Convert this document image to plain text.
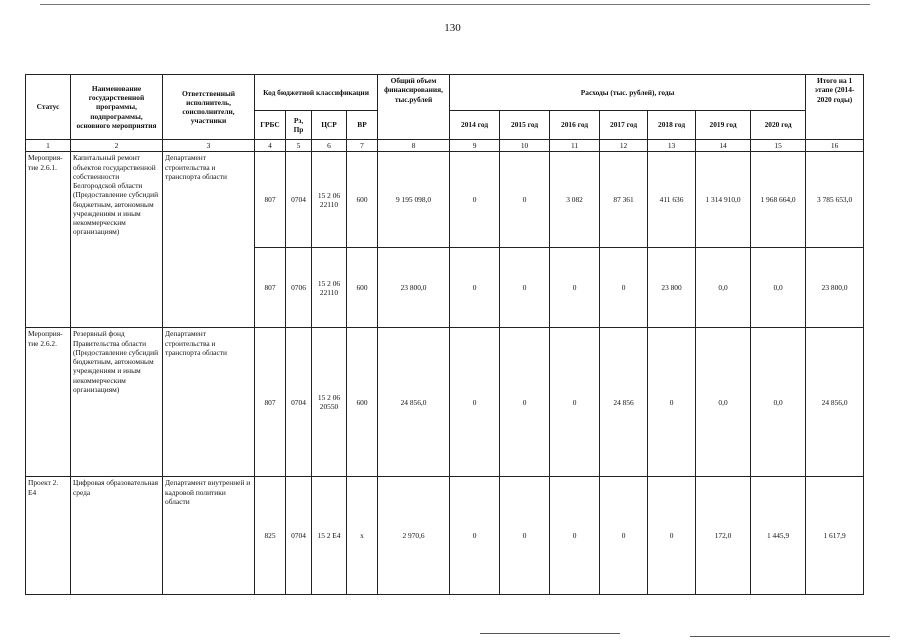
130
Статус	Наименование государственной программы, подпрограммы, основного мероприятия	Ответственный исполнитель, соисполнители, участники	Код бюджетной классификации				Общий объем финансирования, тыс.рублей	Расходы (тыс. рублей), годы							Итого на 1 этапе (2014-2020 годы)
			ГРБС	Рз, Пр	ЦСР	ВР		2014 год	2015 год	2016 год	2017 год	2018 год	2019 год	2020 год	
1	2	3	4	5	6	7	8	9	10	11	12	13	14	15	16
Мероприя-тие 2.6.1.	Капитальный ремонт объектов государственной собственности Белгородской области (Предоставление субсидий бюджетным, автономным учреждениям и иным некоммерческим организациям)	Департамент строительства и транспорта области	807	0704	15 2 06 22110	600	9 195 098,0	0	0	3 082	87 361	411 636	1 314 910,0	1 968 664,0	3 785 653,0
			807	0706	15 2 06 22110	600	23 800,0	0	0	0	0	23 800	0,0	0,0	23 800,0
Мероприя-тие 2.6.2.	Резервный фонд Правительства области (Предоставление субсидий бюджетным, автономным учреждениям и иным некоммерческим организациям)	Департамент строительства и транспорта области	807	0704	15 2 06 20550	600	24 856,0	0	0	0	24 856	0	0,0	0,0	24 856,0
Проект 2. Е4	Цифровая образовательная среда	Департамент внутренней и кадровой политики области	825	0704	15 2 Е4	х	2 970,6	0	0	0	0	0	172,0	1 445,9	1 617,9
